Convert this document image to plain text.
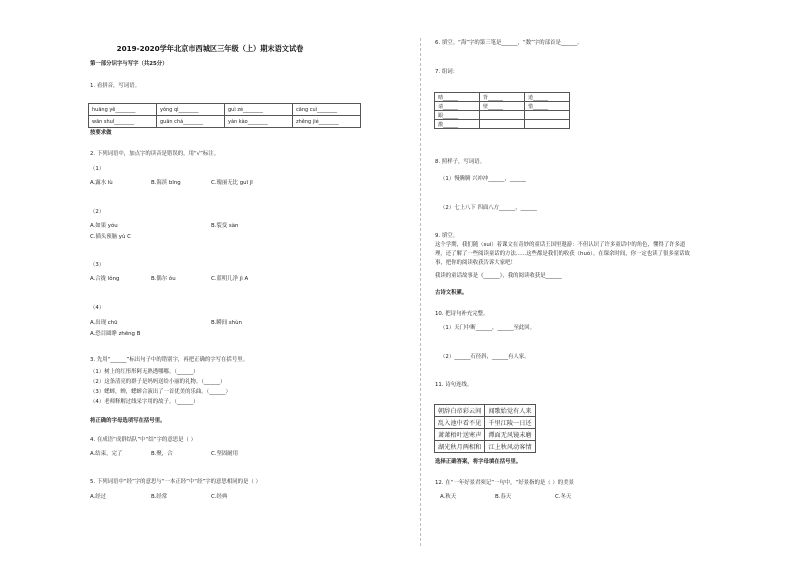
2019-2020学年北京市西城区三年级（上）期末语文试卷
第一部分识字与写字（共25分）
1. 看拼音，写词语。
huāng yě________	yǒng qì________	guì zé________	cāng cuì________
wān shuǐ________	guān chá________	yán kào________	zhěng jié________
按要求做
2. 下列词语中，加点字的读音是错误的，用“√”标注。
（1）
A.露水 lù	B.海滨 bīng	C.瑰丽无比 guī jī
（2）
A.如果 yóu	B.裂变 sàn
C.插头预脑 yù C
（3）
A.合拢 lǒng	B.偶尔 ǒu	C.蓝明几净 jì A
（4）
A.出现 chū	B.瞬间 shùn
A.恐目圆睁 zhēng B
3. 先用“______”标出句子中的错别字，再把正确的字写在括号里。
（1）树上的红彤彤阿无熟透哪哪。（______）
（2）这条清亮的群子是妈妈送给小丽的礼物。（______）
（3）蟋蟀，蝉，蟋蟀合演出了一首优美的乐曲。（______）
（4）老师释解过线采字用的故子。（______）
将正确的字母选项写在括号里。
4. 在成语“成群结队”中“结”字的意思是（ ）
A.结束，完了	B.聚，合	C.坚固耐用
5. 下列词语中“经”字的意思与“一本正经”中“经”字的意思相同的是（ ）
A.经过	B.经常	C.经典
6. 填空。“海”字的第三笔是______，“数”字的部首是______。
7. 组词：
晴______	背______	逍______
请______	壁______	惜______
跟______		
激______		
8. 照样子，写词语。
（1）慢腾腾 兴冲冲______，______
（2）七上八下 四面八方______，______
9. 填空。
这个学期，我们随（suí）着课文在奇妙的童话王国里遨游：不但认识了许多童话中的角色，懂得了许多道
理，还了解了一些阅读童话的方法......这些都是我们的收获（huò）。在课余时间，你一定也读了很多童话故
事，把你的阅读收获告诉大家吧！
我读的童话故事是《______》，我的阅读收获是______
古诗文积累。
10. 把诗句补充完整。
（1）天门中断______，______至此回。
（2）______石径斜，______有人家。
11. 诗句连线。
朝辞白帝彩云间	闻歌始觉有人来
乱入池中看不见	千里江陵一日还
萧萧梧叶送寒声	潭面无风镜未磨
湖光秋月两相和	江上秋风动客情
选择正确答案，将字母填在括号里。
12. 在“一年好景君须记”一句中，“好景指的是（ ）的美景
A.秋天	B.春天	C.冬天
